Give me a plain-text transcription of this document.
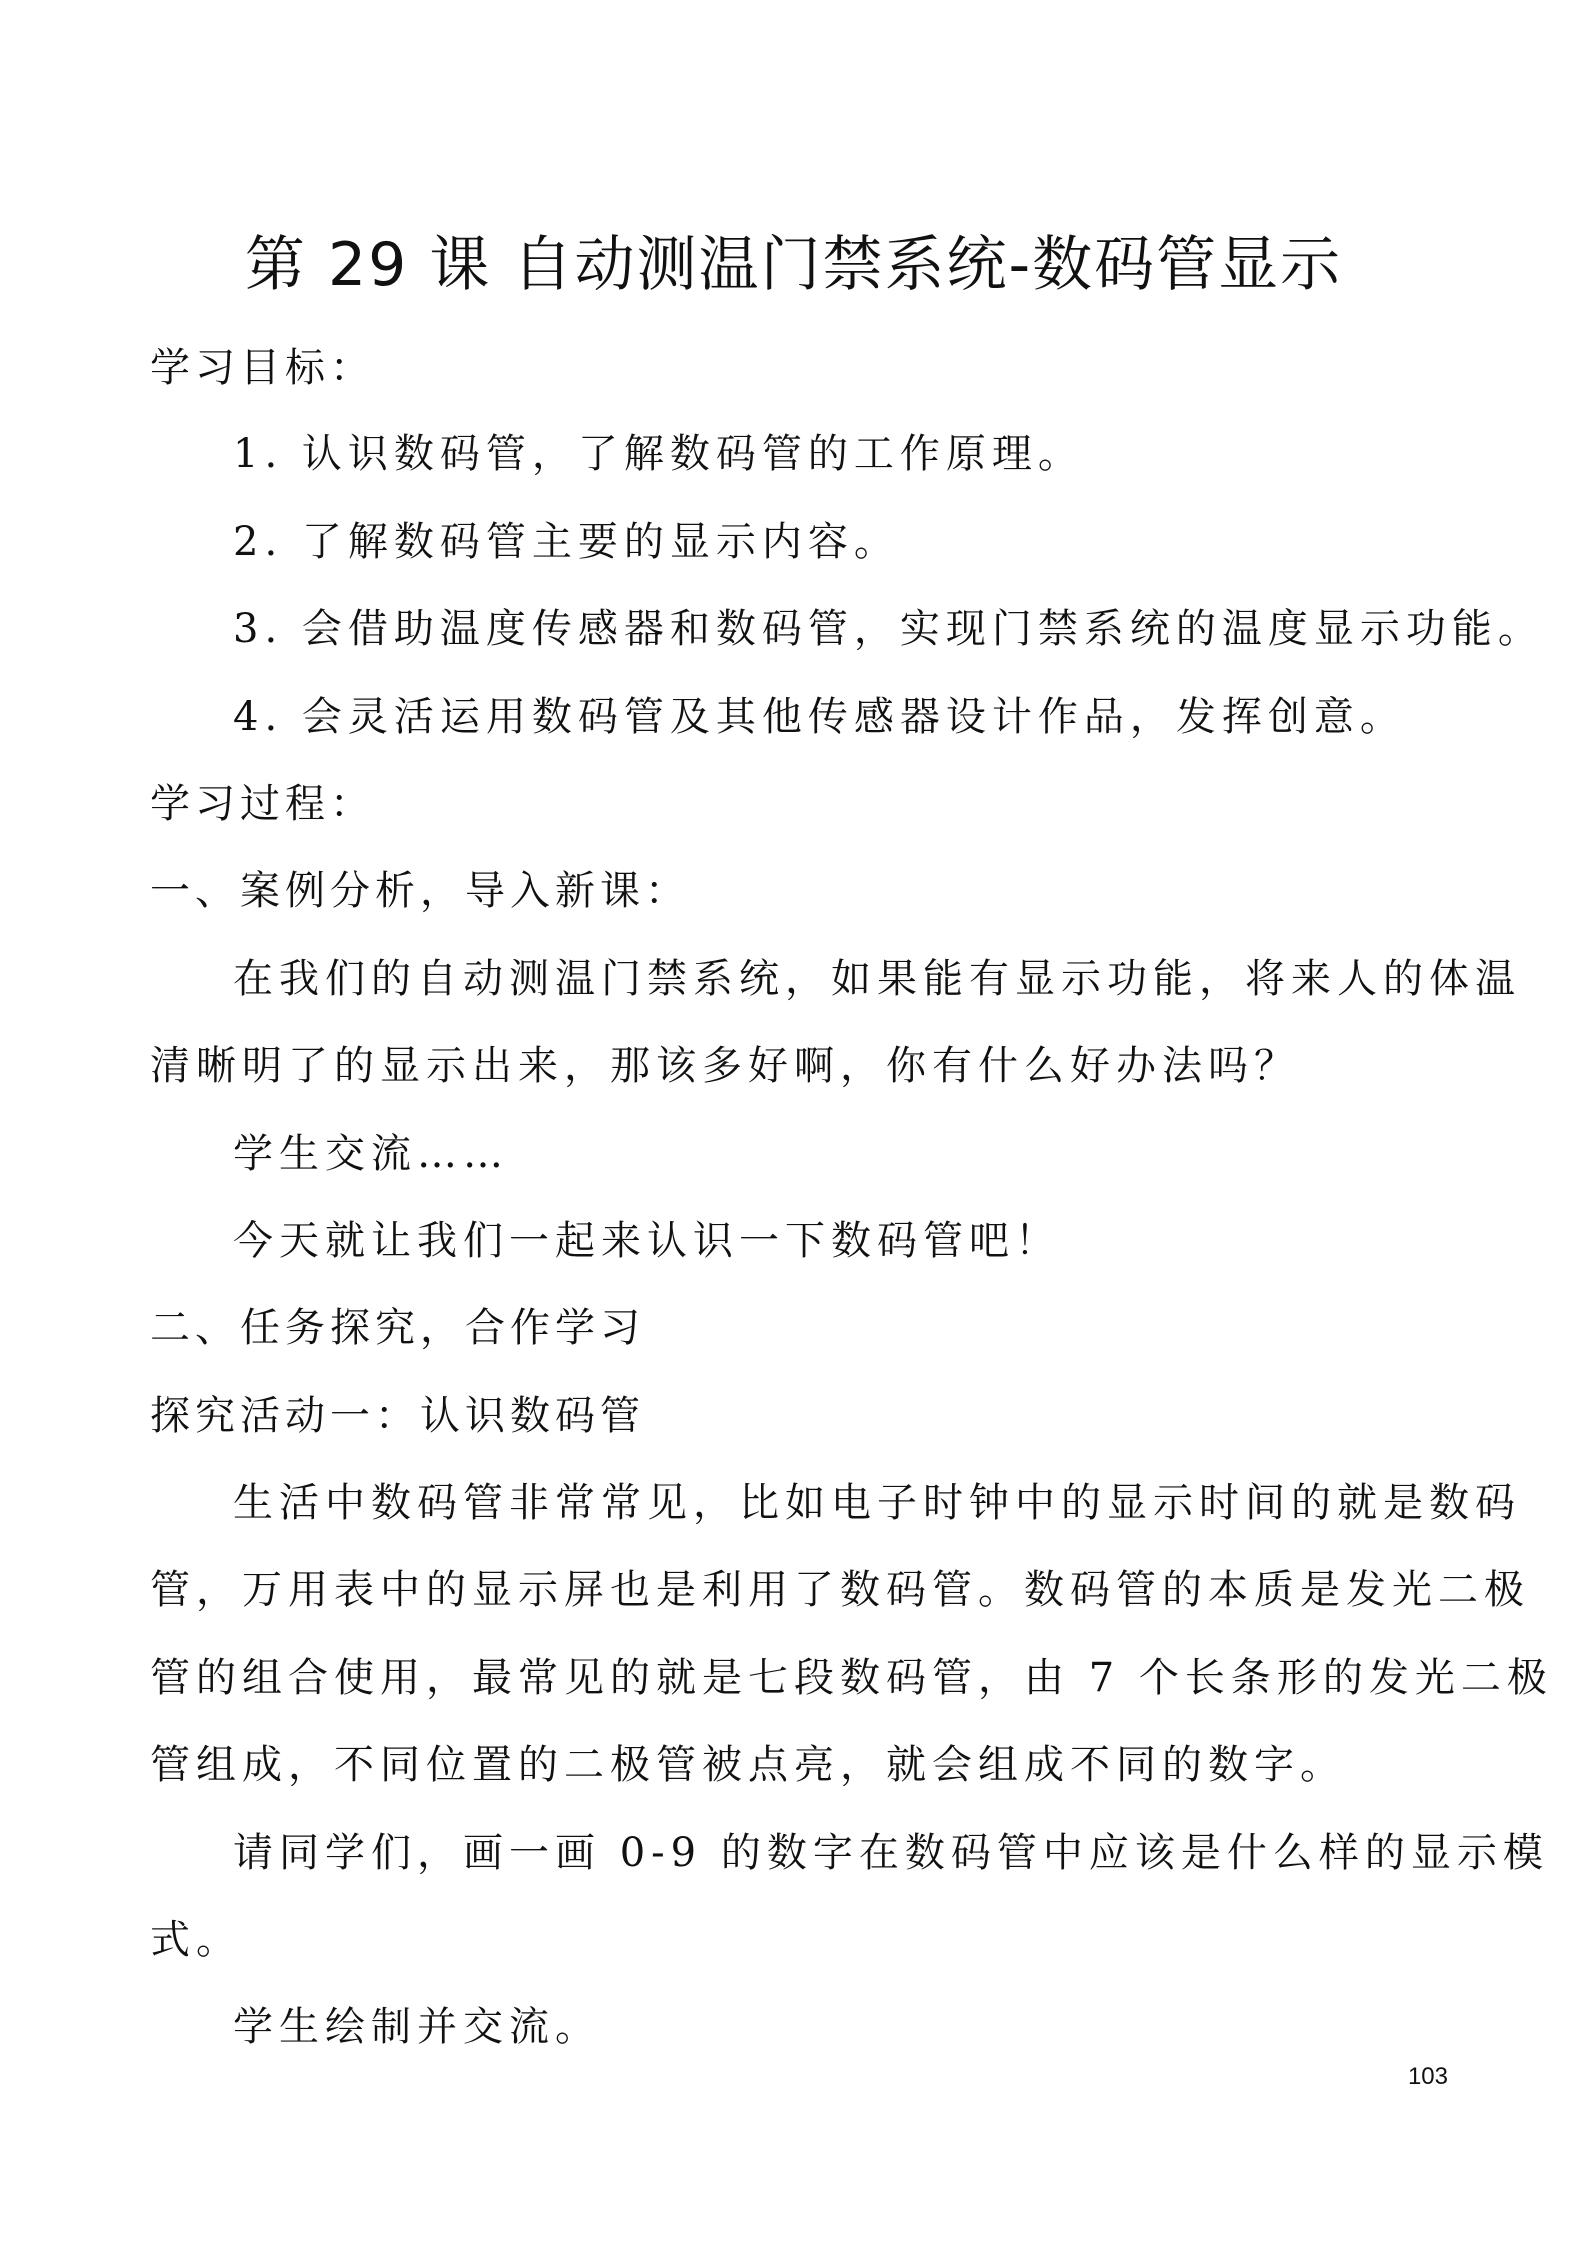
第 29 课 自动测温门禁系统-数码管显示
学习目标：
1. 认识数码管，了解数码管的工作原理。
2. 了解数码管主要的显示内容。
3. 会借助温度传感器和数码管，实现门禁系统的温度显示功能。
4. 会灵活运用数码管及其他传感器设计作品，发挥创意。
学习过程：
一、案例分析，导入新课：
在我们的自动测温门禁系统，如果能有显示功能，将来人的体温
清晰明了的显示出来，那该多好啊，你有什么好办法吗？
学生交流……
今天就让我们一起来认识一下数码管吧！
二、任务探究，合作学习
探究活动一：认识数码管
生活中数码管非常常见，比如电子时钟中的显示时间的就是数码
管，万用表中的显示屏也是利用了数码管。数码管的本质是发光二极
管的组合使用，最常见的就是七段数码管，由 7 个长条形的发光二极
管组成，不同位置的二极管被点亮，就会组成不同的数字。
请同学们，画一画 0-9 的数字在数码管中应该是什么样的显示模
式。
学生绘制并交流。
103
